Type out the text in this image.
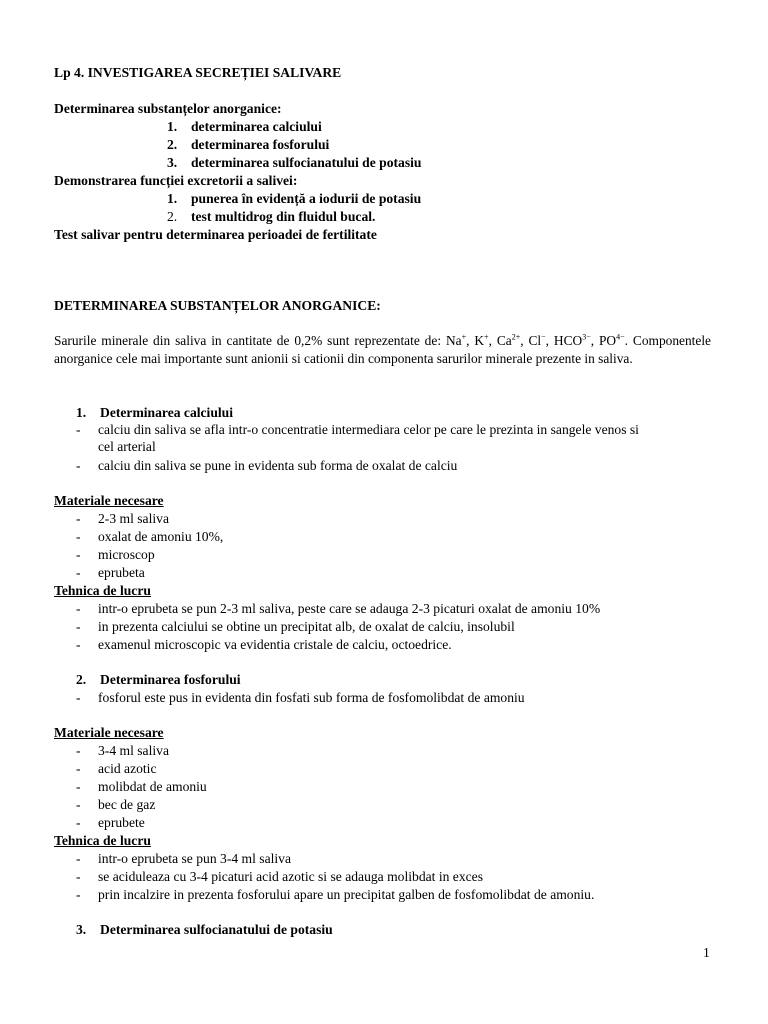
Lp 4. INVESTIGAREA SECREȚIEI SALIVARE
Determinarea substanțelor anorganice:
1. determinarea calciului
2. determinarea fosforului
3. determinarea sulfocianatului de potasiu
Demonstrarea funcției excretorii a salivei:
1. punerea în evidență a iodurii de potasiu
2. test multidrog din fluidul bucal.
Test salivar pentru determinarea perioadei de fertilitate
DETERMINAREA SUBSTANȚELOR ANORGANICE:
Sarurile minerale din saliva in cantitate de 0,2% sunt reprezentate de: Na+, K+, $Ca^{2+}$, Cl−, $HCO^{3-}$, $PO^{4-}$. Componentele anorganice cele mai importante sunt anionii si cationii din componenta sarurilor minerale prezente in saliva.
1. Determinarea calciului
- calciu din saliva se afla intr-o concentratie intermediara celor pe care le prezinta in sangele venos si
cel arterial
- calciu din saliva se pune in evidenta sub forma de oxalat de calciu
Materiale necesare
- 2-3 ml saliva
- oxalat de amoniu 10%,
- microscop
- eprubeta
Tehnica de lucru
- intr-o eprubeta se pun 2-3 ml saliva, peste care se adauga 2-3 picaturi oxalat de amoniu 10%
- in prezenta calciului se obtine un precipitat alb, de oxalat de calciu, insolubil
- examenul microscopic va evidentia cristale de calciu, octoedrice.
2. Determinarea fosforului
- fosforul este pus in evidenta din fosfati sub forma de fosfomolibdat de amoniu
Materiale necesare
- 3-4 ml saliva
- acid azotic
- molibdat de amoniu
- bec de gaz
- eprubete
Tehnica de lucru
- intr-o eprubeta se pun 3-4 ml saliva
- se aciduleaza cu 3-4 picaturi acid azotic si se adauga molibdat in exces
- prin incalzire in prezenta fosforului apare un precipitat galben de fosfomolibdat de amoniu.
3. Determinarea sulfocianatului de potasiu
1
